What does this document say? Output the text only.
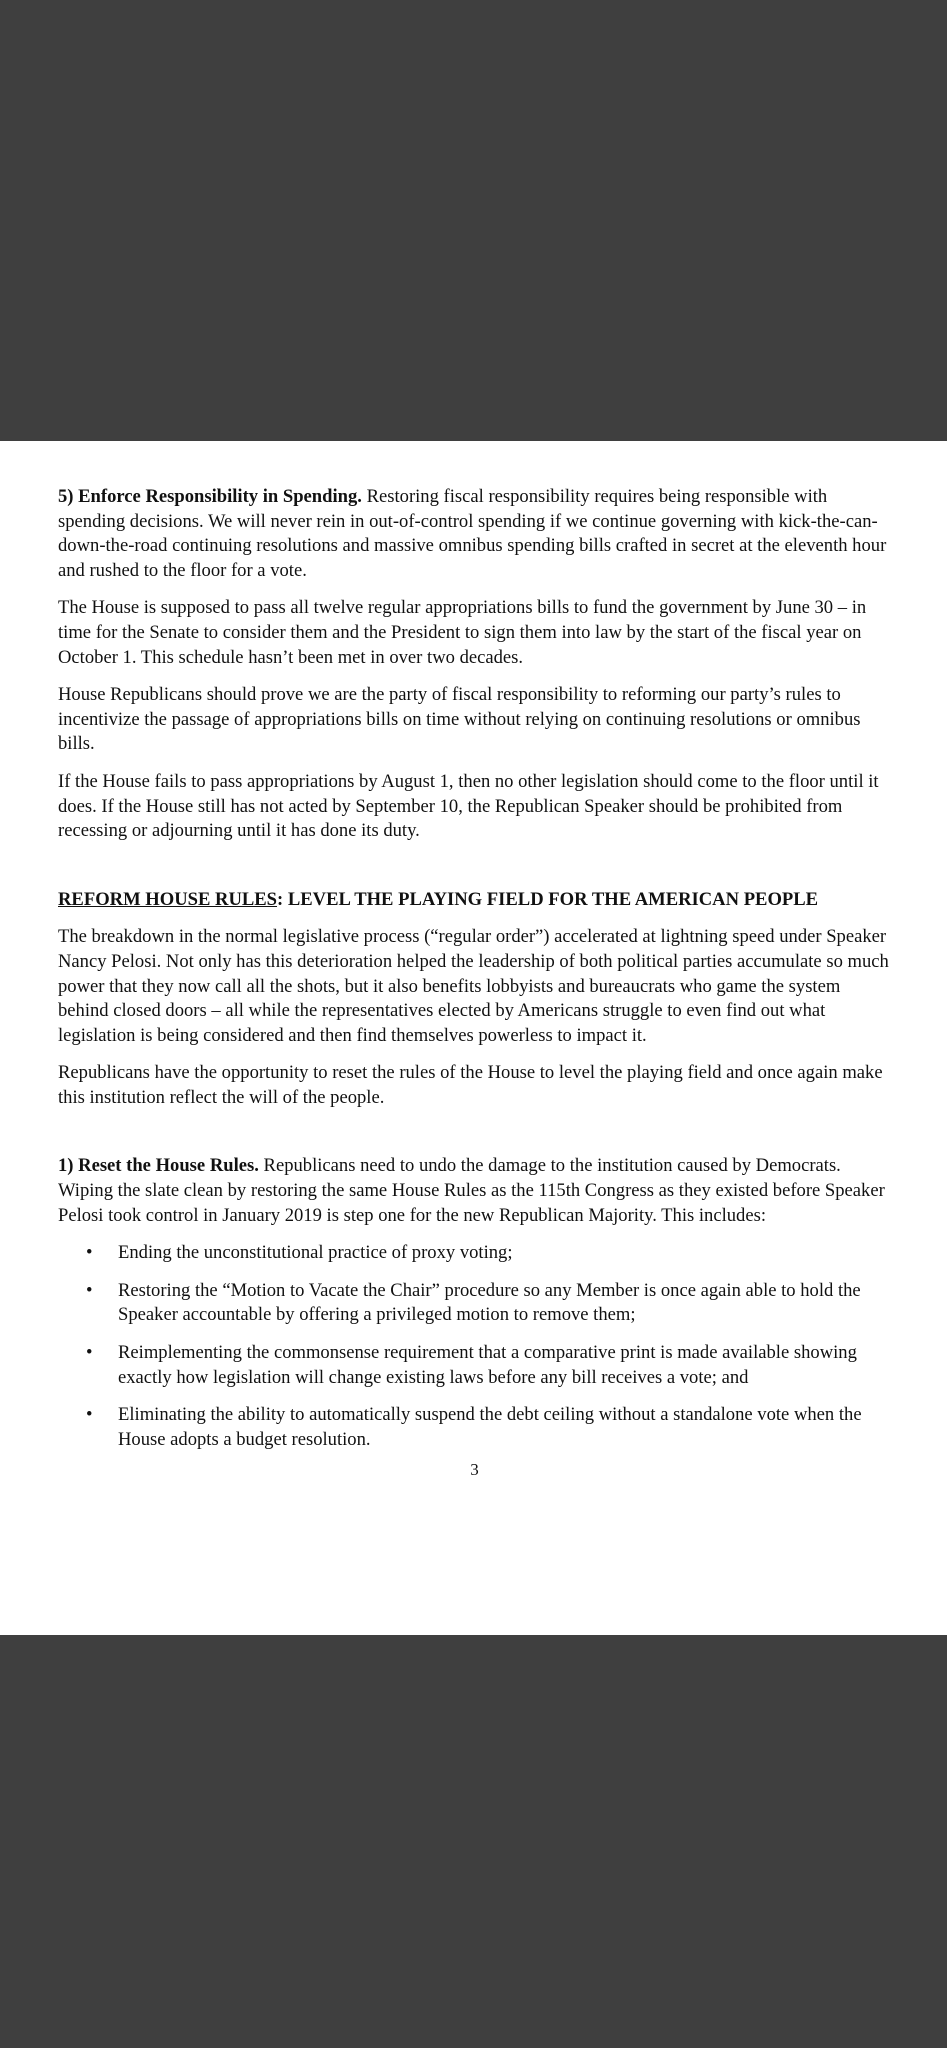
5) Enforce Responsibility in Spending. Restoring fiscal responsibility requires being responsible with spending decisions. We will never rein in out-of-control spending if we continue governing with kick-the-can-down-the-road continuing resolutions and massive omnibus spending bills crafted in secret at the eleventh hour and rushed to the floor for a vote.

The House is supposed to pass all twelve regular appropriations bills to fund the government by June 30 – in time for the Senate to consider them and the President to sign them into law by the start of the fiscal year on October 1. This schedule hasn’t been met in over two decades.

House Republicans should prove we are the party of fiscal responsibility to reforming our party’s rules to incentivize the passage of appropriations bills on time without relying on continuing resolutions or omnibus bills.

If the House fails to pass appropriations by August 1, then no other legislation should come to the floor until it does. If the House still has not acted by September 10, the Republican Speaker should be prohibited from recessing or adjourning until it has done its duty.

REFORM HOUSE RULES: LEVEL THE PLAYING FIELD FOR THE AMERICAN PEOPLE

The breakdown in the normal legislative process (“regular order”) accelerated at lightning speed under Speaker Nancy Pelosi. Not only has this deterioration helped the leadership of both political parties accumulate so much power that they now call all the shots, but it also benefits lobbyists and bureaucrats who game the system behind closed doors – all while the representatives elected by Americans struggle to even find out what legislation is being considered and then find themselves powerless to impact it.

Republicans have the opportunity to reset the rules of the House to level the playing field and once again make this institution reflect the will of the people.

1) Reset the House Rules. Republicans need to undo the damage to the institution caused by Democrats. Wiping the slate clean by restoring the same House Rules as the 115th Congress as they existed before Speaker Pelosi took control in January 2019 is step one for the new Republican Majority. This includes:

• Ending the unconstitutional practice of proxy voting;
• Restoring the “Motion to Vacate the Chair” procedure so any Member is once again able to hold the Speaker accountable by offering a privileged motion to remove them;
• Reimplementing the commonsense requirement that a comparative print is made available showing exactly how legislation will change existing laws before any bill receives a vote; and
• Eliminating the ability to automatically suspend the debt ceiling without a standalone vote when the House adopts a budget resolution.
3
